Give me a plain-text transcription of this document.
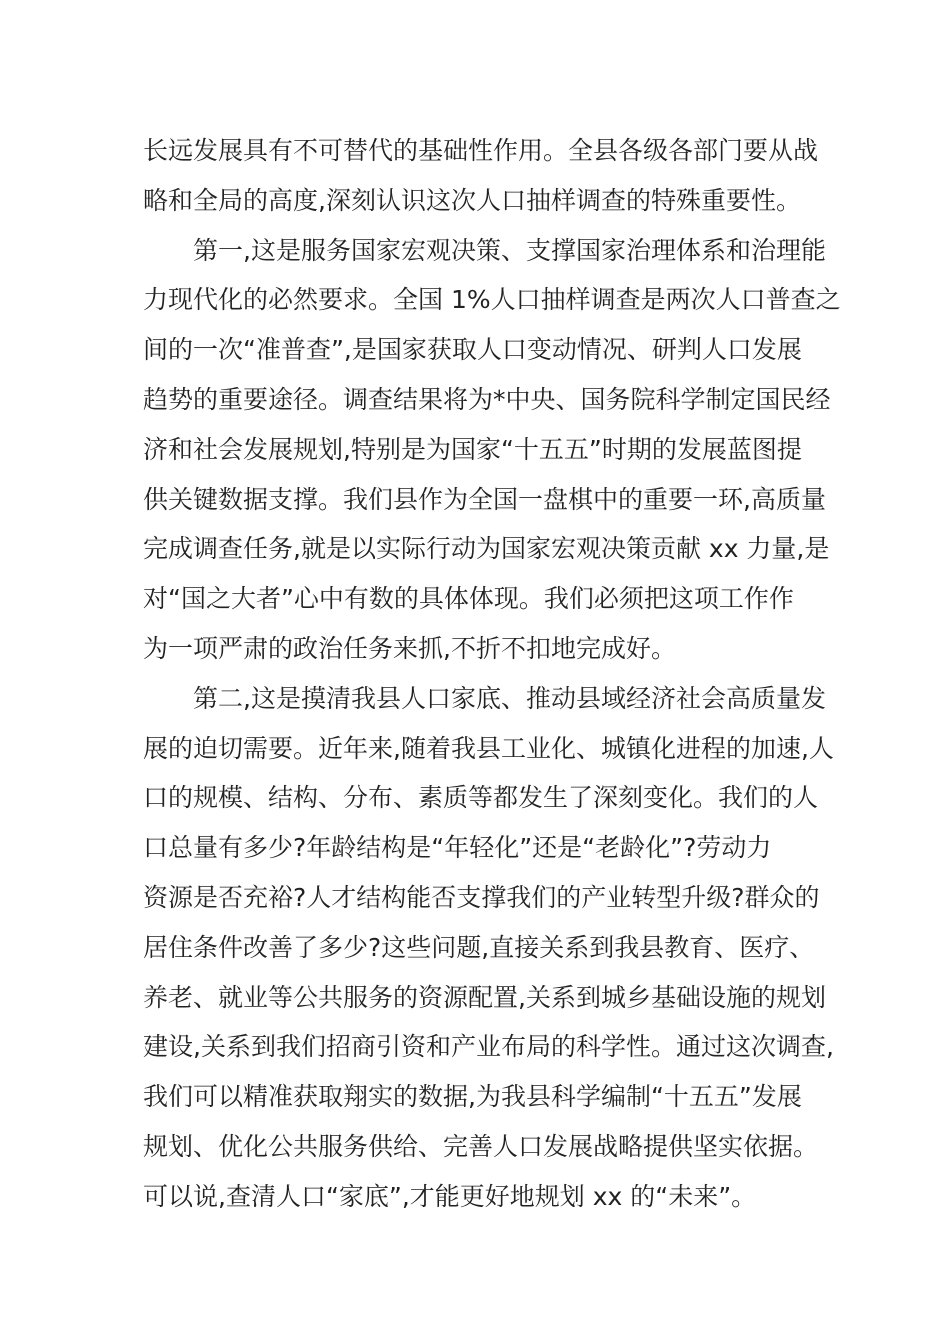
长远发展具有不可替代的基础性作用。全县各级各部门要从战
略和全局的高度,深刻认识这次人口抽样调查的特殊重要性。
第一,这是服务国家宏观决策、支撑国家治理体系和治理能
力现代化的必然要求。全国 1%人口抽样调查是两次人口普查之
间的一次“准普查”,是国家获取人口变动情况、研判人口发展
趋势的重要途径。调查结果将为*中央、国务院科学制定国民经
济和社会发展规划,特别是为国家“十五五”时期的发展蓝图提
供关键数据支撑。我们县作为全国一盘棋中的重要一环,高质量
完成调查任务,就是以实际行动为国家宏观决策贡献 xx 力量,是
对“国之大者”心中有数的具体体现。我们必须把这项工作作
为一项严肃的政治任务来抓,不折不扣地完成好。
第二,这是摸清我县人口家底、推动县域经济社会高质量发
展的迫切需要。近年来,随着我县工业化、城镇化进程的加速,人
口的规模、结构、分布、素质等都发生了深刻变化。我们的人
口总量有多少?年龄结构是“年轻化”还是“老龄化”?劳动力
资源是否充裕?人才结构能否支撑我们的产业转型升级?群众的
居住条件改善了多少?这些问题,直接关系到我县教育、医疗、
养老、就业等公共服务的资源配置,关系到城乡基础设施的规划
建设,关系到我们招商引资和产业布局的科学性。通过这次调查,
我们可以精准获取翔实的数据,为我县科学编制“十五五”发展
规划、优化公共服务供给、完善人口发展战略提供坚实依据。
可以说,查清人口“家底”,才能更好地规划 xx 的“未来”。
